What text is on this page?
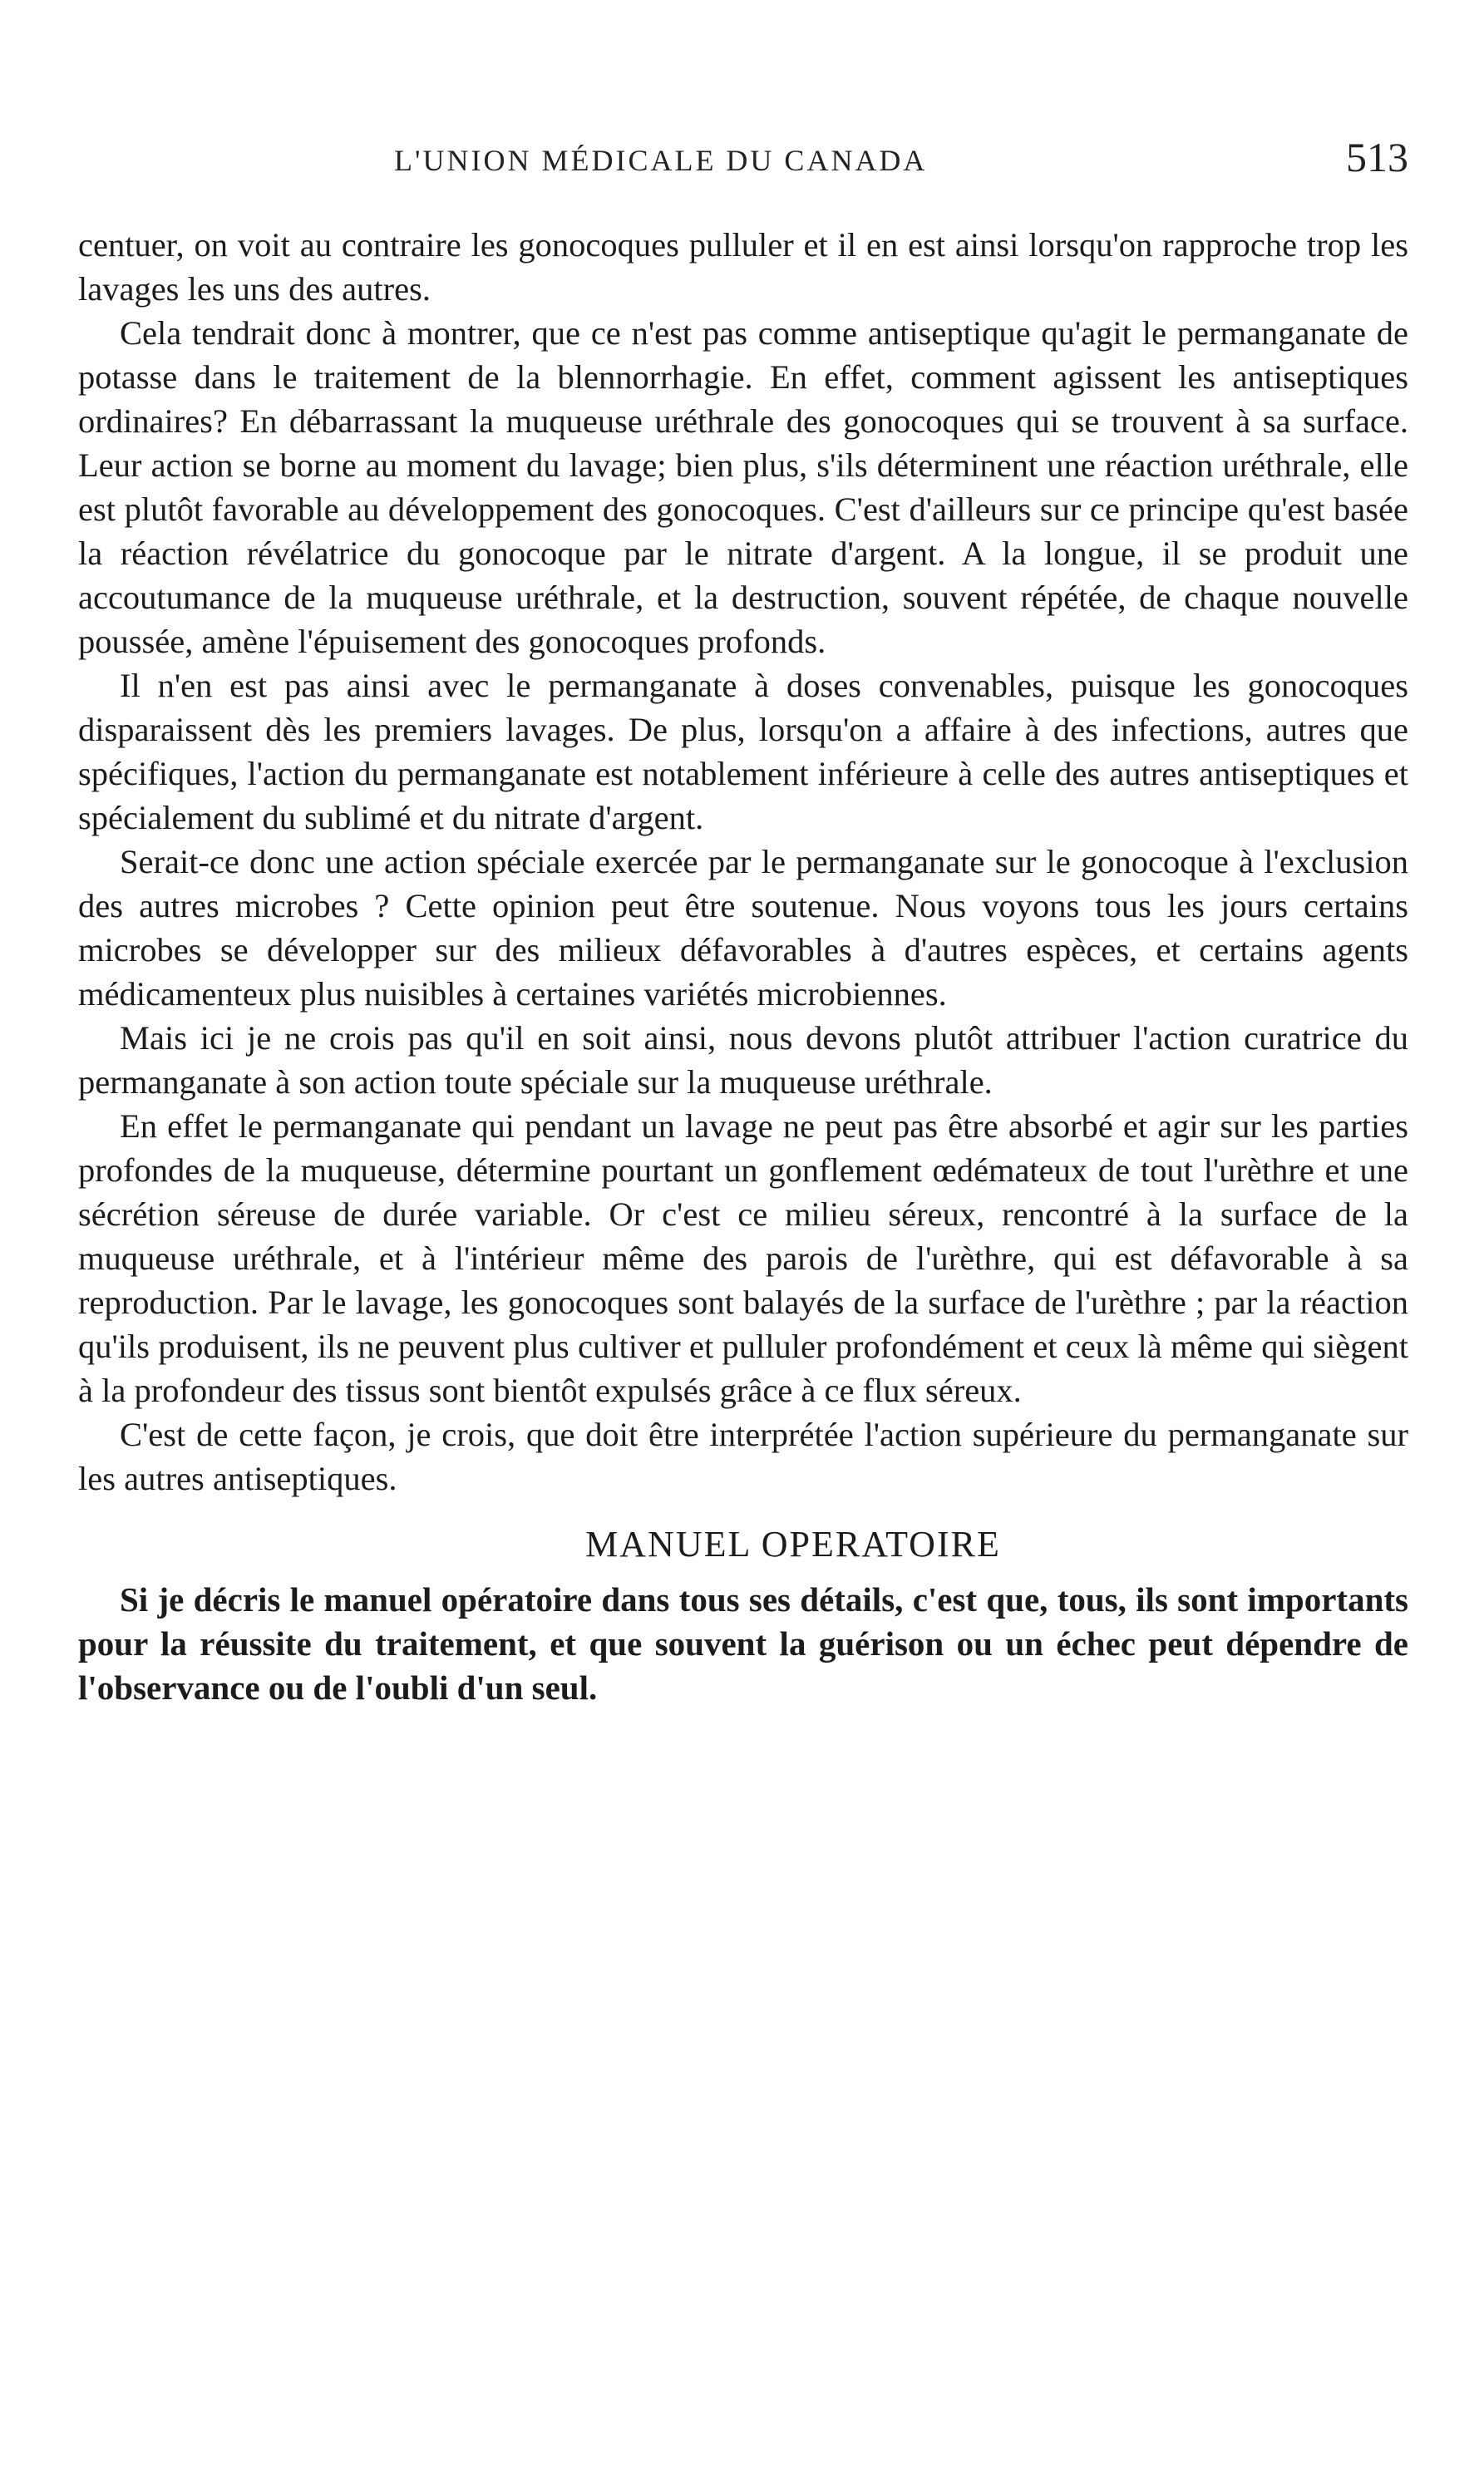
L'UNION MÉDICALE DU CANADA	513

centuer, on voit au contraire les gonocoques pulluler et il en est ainsi lorsqu'on rapproche trop les lavages les uns des autres.

Cela tendrait donc à montrer, que ce n'est pas comme antiseptique qu'agit le permanganate de potasse dans le traitement de la blennorrhagie. En effet, comment agissent les antiseptiques ordinaires? En débarrassant la muqueuse uréthrale des gonocoques qui se trouvent à sa surface. Leur action se borne au moment du lavage; bien plus, s'ils déterminent une réaction uréthrale, elle est plutôt favorable au développement des gonocoques. C'est d'ailleurs sur ce principe qu'est basée la réaction révélatrice du gonocoque par le nitrate d'argent. A la longue, il se produit une accoutumance de la muqueuse uréthrale, et la destruction, souvent répétée, de chaque nouvelle poussée, amène l'épuisement des gonocoques profonds.

Il n'en est pas ainsi avec le permanganate à doses convenables, puisque les gonocoques disparaissent dès les premiers lavages. De plus, lorsqu'on a affaire à des infections, autres que spécifiques, l'action du permanganate est notablement inférieure à celle des autres antiseptiques et spécialement du sublimé et du nitrate d'argent.

Serait-ce donc une action spéciale exercée par le permanganate sur le gonocoque à l'exclusion des autres microbes ? Cette opinion peut être soutenue. Nous voyons tous les jours certains microbes se développer sur des milieux défavorables à d'autres espèces, et certains agents médicamenteux plus nuisibles à certaines variétés microbiennes.

Mais ici je ne crois pas qu'il en soit ainsi, nous devons plutôt attribuer l'action curatrice du permanganate à son action toute spéciale sur la muqueuse uréthrale.

En effet le permanganate qui pendant un lavage ne peut pas être absorbé et agir sur les parties profondes de la muqueuse, détermine pourtant un gonflement œdémateux de tout l'urèthre et une sécrétion séreuse de durée variable. Or c'est ce milieu séreux, rencontré à la surface de la muqueuse uréthrale, et à l'intérieur même des parois de l'urèthre, qui est défavorable à sa reproduction. Par le lavage, les gonocoques sont balayés de la surface de l'urèthre ; par la réaction qu'ils produisent, ils ne peuvent plus cultiver et pulluler profondément et ceux là même qui siègent à la profondeur des tissus sont bientôt expulsés grâce à ce flux séreux.

C'est de cette façon, je crois, que doit être interprétée l'action supérieure du permanganate sur les autres antiseptiques.

MANUEL OPERATOIRE

Si je décris le manuel opératoire dans tous ses détails, c'est que, tous, ils sont importants pour la réussite du traitement, et que souvent la guérison ou un échec peut dépendre de l'observance ou de l'oubli d'un seul.
